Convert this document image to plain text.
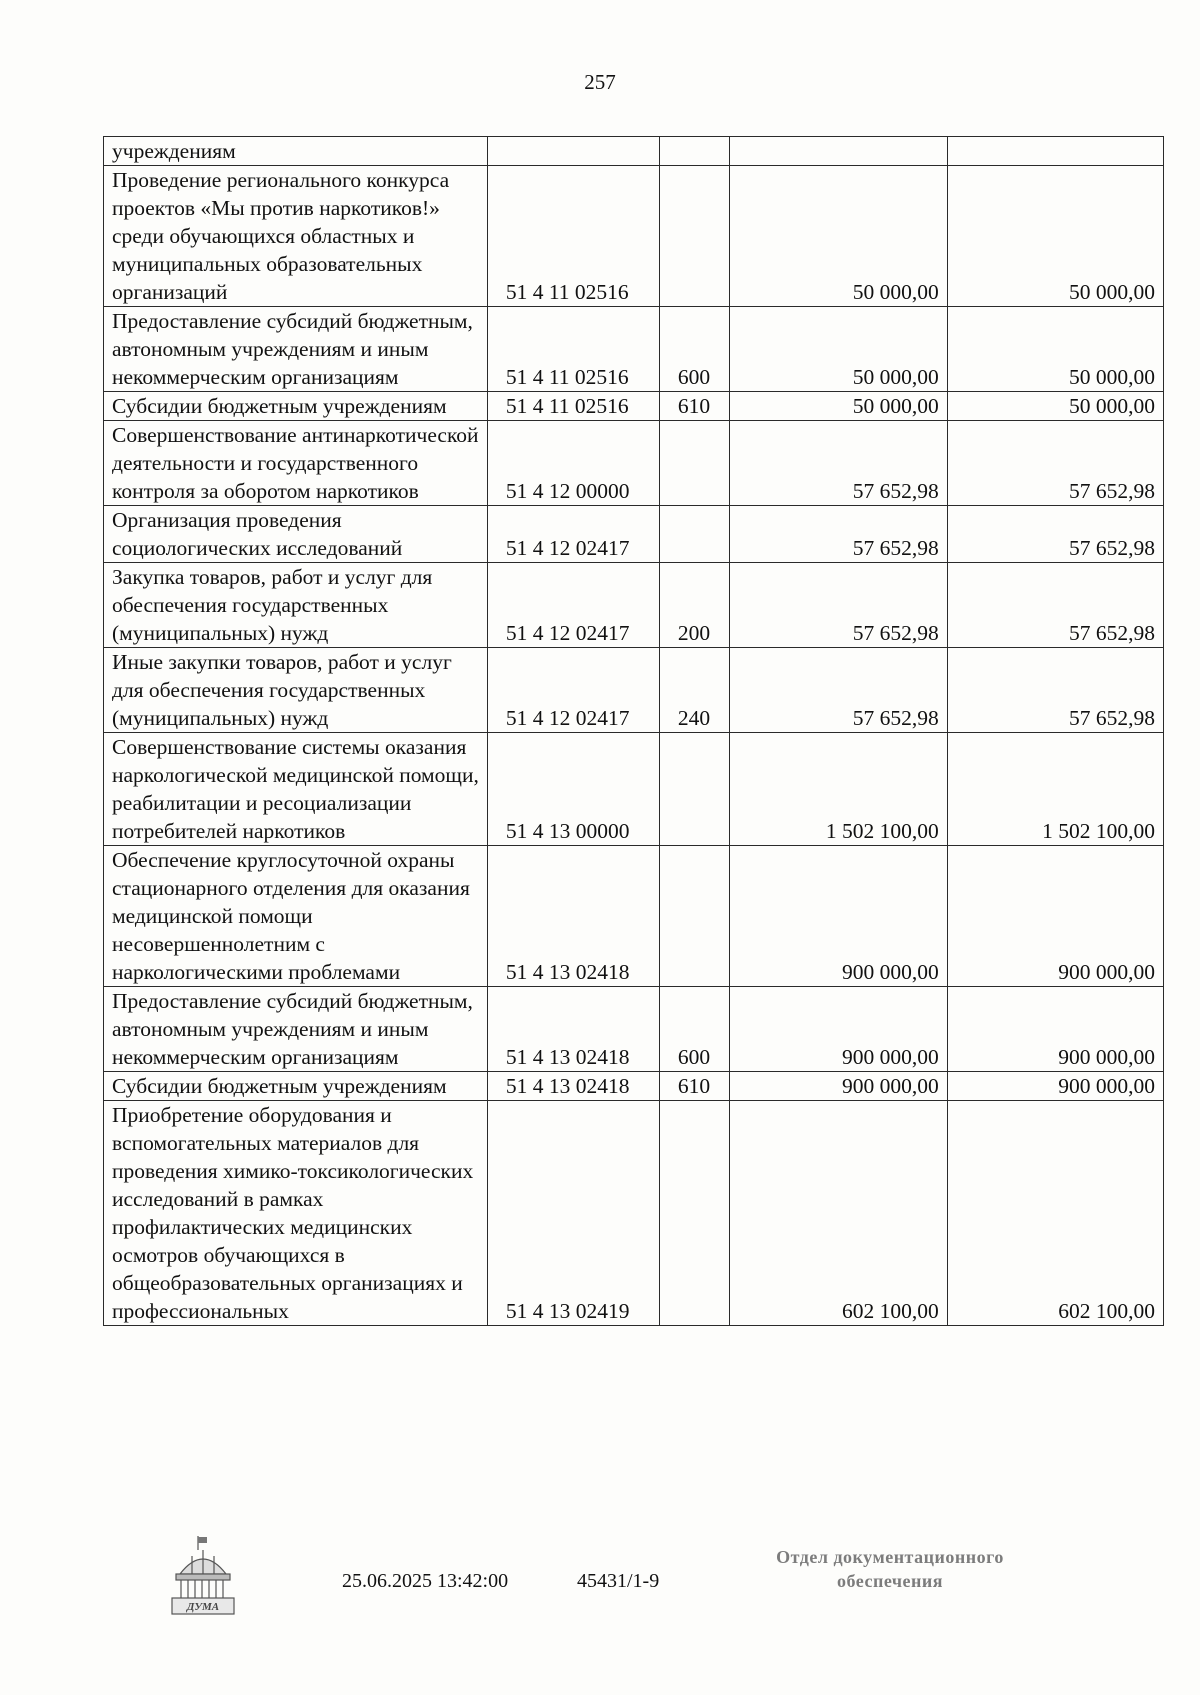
257
учреждениям				
Проведение регионального конкурса проектов «Мы против наркотиков!» среди обучающихся областных и муниципальных образовательных организаций	51 4 11 02516		50 000,00	50 000,00
Предоставление субсидий бюджетным, автономным учреждениям и иным некоммерческим организациям	51 4 11 02516	600	50 000,00	50 000,00
Субсидии бюджетным учреждениям	51 4 11 02516	610	50 000,00	50 000,00
Совершенствование антинаркотической деятельности и государственного контроля за оборотом наркотиков	51 4 12 00000		57 652,98	57 652,98
Организация проведения социологических исследований	51 4 12 02417		57 652,98	57 652,98
Закупка товаров, работ и услуг для обеспечения государственных (муниципальных) нужд	51 4 12 02417	200	57 652,98	57 652,98
Иные закупки товаров, работ и услуг для обеспечения государственных (муниципальных) нужд	51 4 12 02417	240	57 652,98	57 652,98
Совершенствование системы оказания наркологической медицинской помощи, реабилитации и ресоциализации потребителей наркотиков	51 4 13 00000		1 502 100,00	1 502 100,00
Обеспечение круглосуточной охраны стационарного отделения для оказания медицинской помощи несовершеннолетним с наркологическими проблемами	51 4 13 02418		900 000,00	900 000,00
Предоставление субсидий бюджетным, автономным учреждениям и иным некоммерческим организациям	51 4 13 02418	600	900 000,00	900 000,00
Субсидии бюджетным учреждениям	51 4 13 02418	610	900 000,00	900 000,00
Приобретение оборудования и вспомогательных материалов для проведения химико-токсикологических исследований в рамках профилактических медицинских осмотров обучающихся в общеобразовательных организациях и профессиональных	51 4 13 02419		602 100,00	602 100,00
ДУМА
25.06.2025 13:42:00	45431/1-9
Отдел документационного
обеспечения
